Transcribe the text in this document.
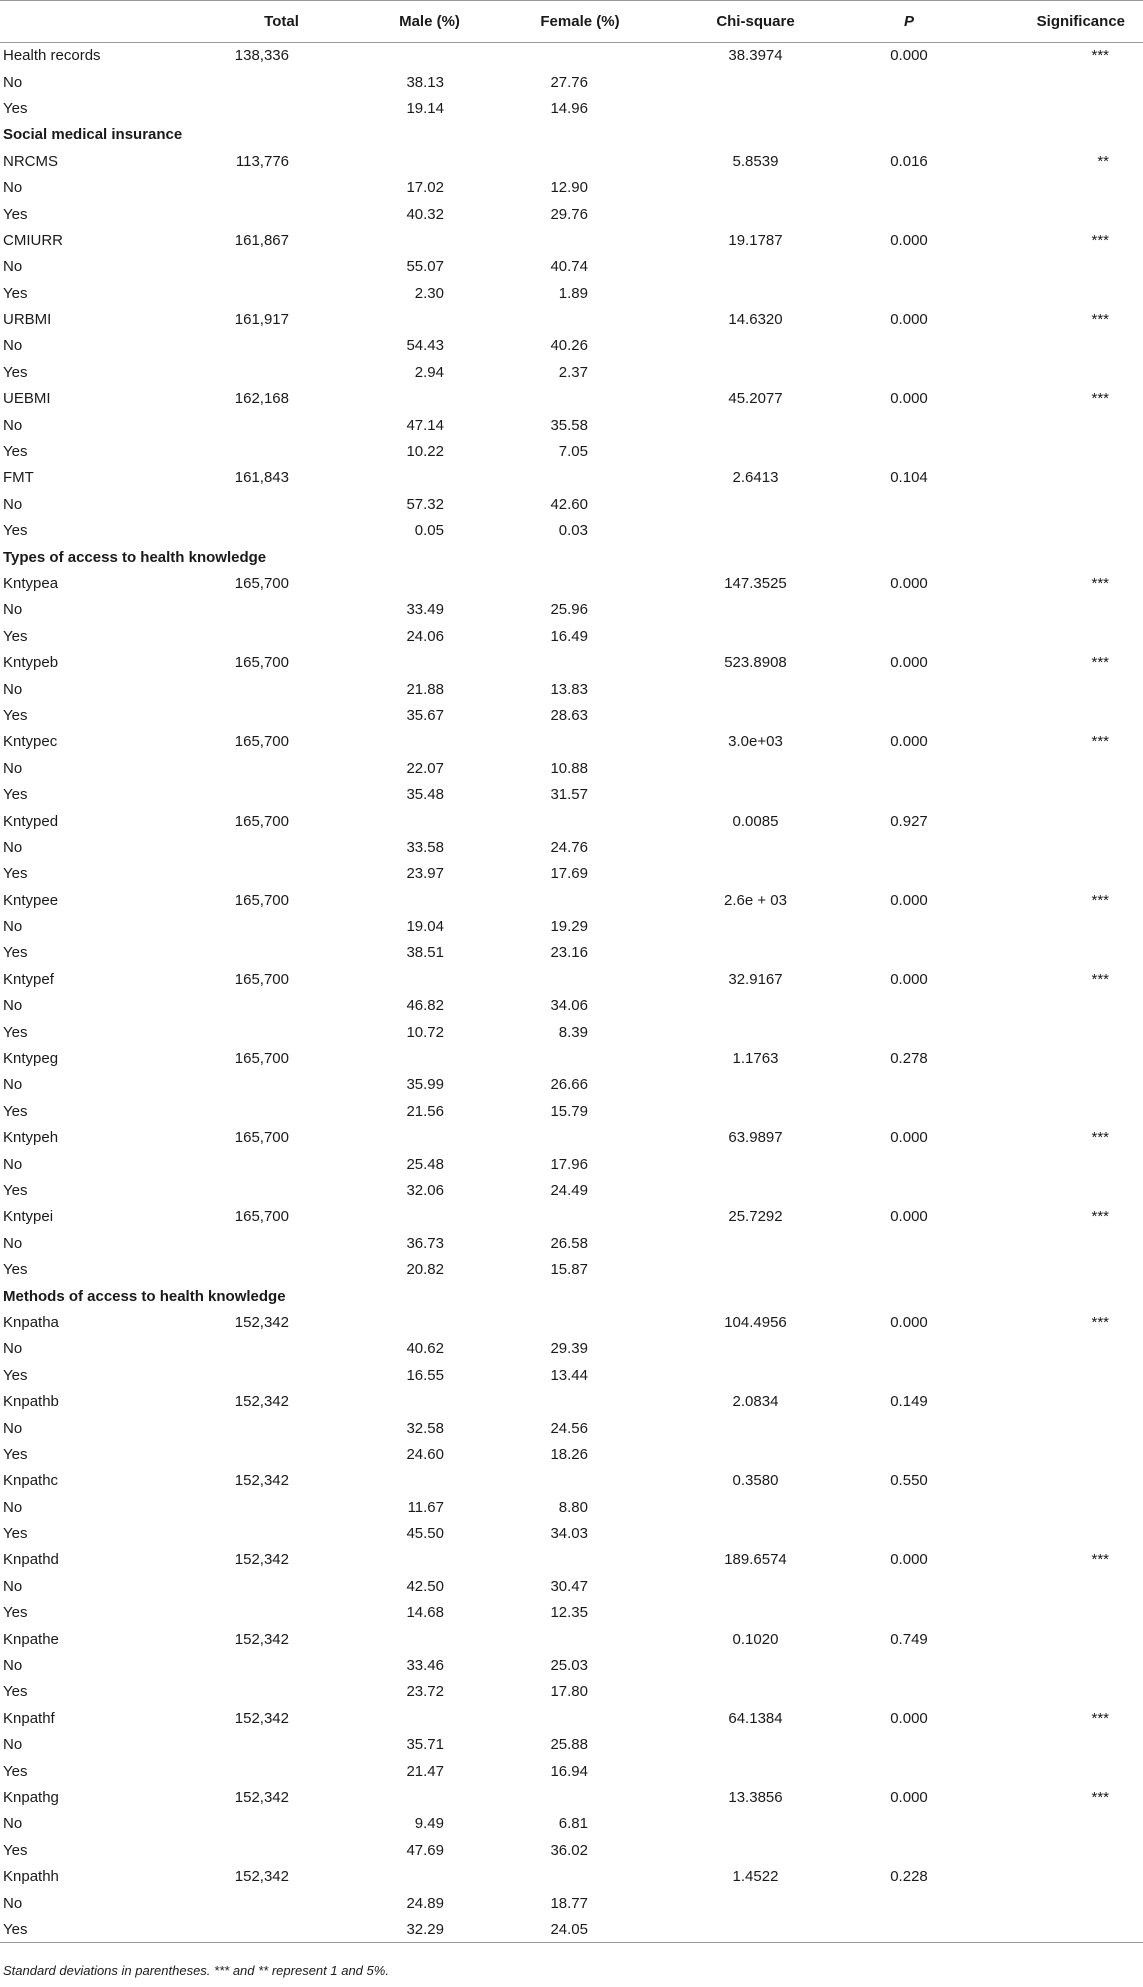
	Total	Male (%)	Female (%)	Chi-square	P	Significance
Health records	138,336			38.3974	0.000	***
No		38.13	27.76			
Yes		19.14	14.96			
Social medical insurance						
NRCMS	113,776			5.8539	0.016	**
No		17.02	12.90			
Yes		40.32	29.76			
CMIURR	161,867			19.1787	0.000	***
No		55.07	40.74			
Yes		2.30	1.89			
URBMI	161,917			14.6320	0.000	***
No		54.43	40.26			
Yes		2.94	2.37			
UEBMI	162,168			45.2077	0.000	***
No		47.14	35.58			
Yes		10.22	7.05			
FMT	161,843			2.6413	0.104	
No		57.32	42.60			
Yes		0.05	0.03			
Types of access to health knowledge						
Kntypea	165,700			147.3525	0.000	***
No		33.49	25.96			
Yes		24.06	16.49			
Kntypeb	165,700			523.8908	0.000	***
No		21.88	13.83			
Yes		35.67	28.63			
Kntypec	165,700			3.0e+03	0.000	***
No		22.07	10.88			
Yes		35.48	31.57			
Kntyped	165,700			0.0085	0.927	
No		33.58	24.76			
Yes		23.97	17.69			
Kntypee	165,700			2.6e + 03	0.000	***
No		19.04	19.29			
Yes		38.51	23.16			
Kntypef	165,700			32.9167	0.000	***
No		46.82	34.06			
Yes		10.72	8.39			
Kntypeg	165,700			1.1763	0.278	
No		35.99	26.66			
Yes		21.56	15.79			
Kntypeh	165,700			63.9897	0.000	***
No		25.48	17.96			
Yes		32.06	24.49			
Kntypei	165,700			25.7292	0.000	***
No		36.73	26.58			
Yes		20.82	15.87			
Methods of access to health knowledge						
Knpatha	152,342			104.4956	0.000	***
No		40.62	29.39			
Yes		16.55	13.44			
Knpathb	152,342			2.0834	0.149	
No		32.58	24.56			
Yes		24.60	18.26			
Knpathc	152,342			0.3580	0.550	
No		11.67	8.80			
Yes		45.50	34.03			
Knpathd	152,342			189.6574	0.000	***
No		42.50	30.47			
Yes		14.68	12.35			
Knpathe	152,342			0.1020	0.749	
No		33.46	25.03			
Yes		23.72	17.80			
Knpathf	152,342			64.1384	0.000	***
No		35.71	25.88			
Yes		21.47	16.94			
Knpathg	152,342			13.3856	0.000	***
No		9.49	6.81			
Yes		47.69	36.02			
Knpathh	152,342			1.4522	0.228	
No		24.89	18.77			
Yes		32.29	24.05			
Standard deviations in parentheses. *** and ** represent 1 and 5%.
